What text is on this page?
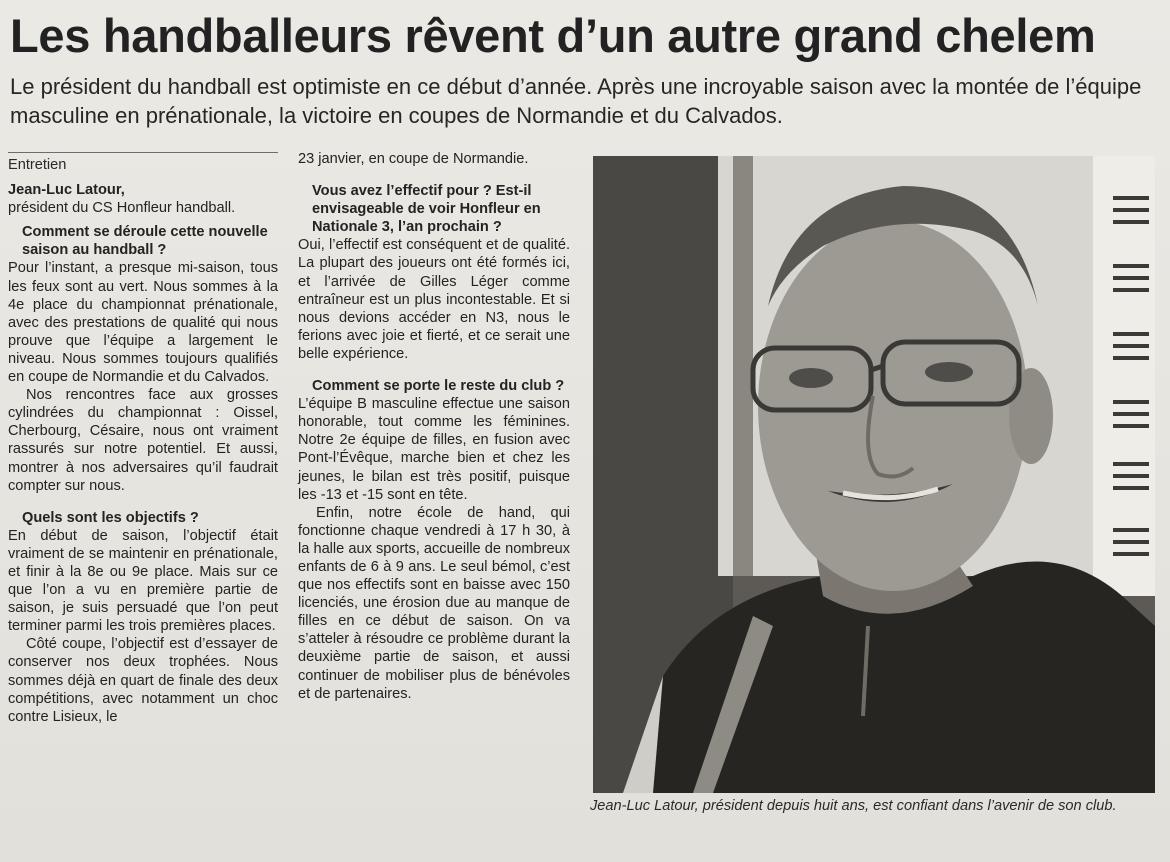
Les handballeurs rêvent d’un autre grand chelem
Le président du handball est optimiste en ce début d’année. Après une incroyable saison avec la montée de l’équipe masculine en prénationale, la victoire en coupes de Normandie et du Calvados.
Entretien
Jean-Luc Latour,
président du CS Honfleur handball.
Comment se déroule cette nouvelle saison au handball ?
Pour l’instant, a presque mi-saison, tous les feux sont au vert. Nous sommes à la 4e place du championnat prénationale, avec des prestations de qualité qui nous prouve que l’équipe a largement le niveau. Nous sommes toujours qualifiés en coupe de Normandie et du Calvados.
Nos rencontres face aux grosses cylindrées du championnat : Oissel, Cherbourg, Césaire, nous ont vraiment rassurés sur notre potentiel. Et aussi, montrer à nos adversaires qu’il faudrait compter sur nous.
Quels sont les objectifs ?
En début de saison, l’objectif était vraiment de se maintenir en prénationale, et finir à la 8e ou 9e place. Mais sur ce que l’on a vu en première partie de saison, je suis persuadé que l’on peut terminer parmi les trois premières places.
Côté coupe, l’objectif est d’essayer de conserver nos deux trophées. Nous sommes déjà en quart de finale des deux compétitions, avec notamment un choc contre Lisieux, le
23 janvier, en coupe de Normandie.
Vous avez l’effectif pour ? Est-il envisageable de voir Honfleur en Nationale 3, l’an prochain ?
Oui, l’effectif est conséquent et de qualité. La plupart des joueurs ont été formés ici, et l’arrivée de Gilles Léger comme entraîneur est un plus incontestable. Et si nous devions accéder en N3, nous le ferions avec joie et fierté, et ce serait une belle expérience.
Comment se porte le reste du club ?
L’équipe B masculine effectue une saison honorable, tout comme les féminines. Notre 2e équipe de filles, en fusion avec Pont-l’Évêque, marche bien et chez les jeunes, le bilan est très positif, puisque les -13 et -15 sont en tête.
Enfin, notre école de hand, qui fonctionne chaque vendredi à 17 h 30, à la halle aux sports, accueille de nombreux enfants de 6 à 9 ans. Le seul bémol, c’est que nos effectifs sont en baisse avec 150 licenciés, une érosion due au manque de filles en ce début de saison. On va s’atteler à résoudre ce problème durant la deuxième partie de saison, et aussi continuer de mobiliser plus de bénévoles et de partenaires.
Jean-Luc Latour, président depuis huit ans, est confiant dans l’avenir de son club.
